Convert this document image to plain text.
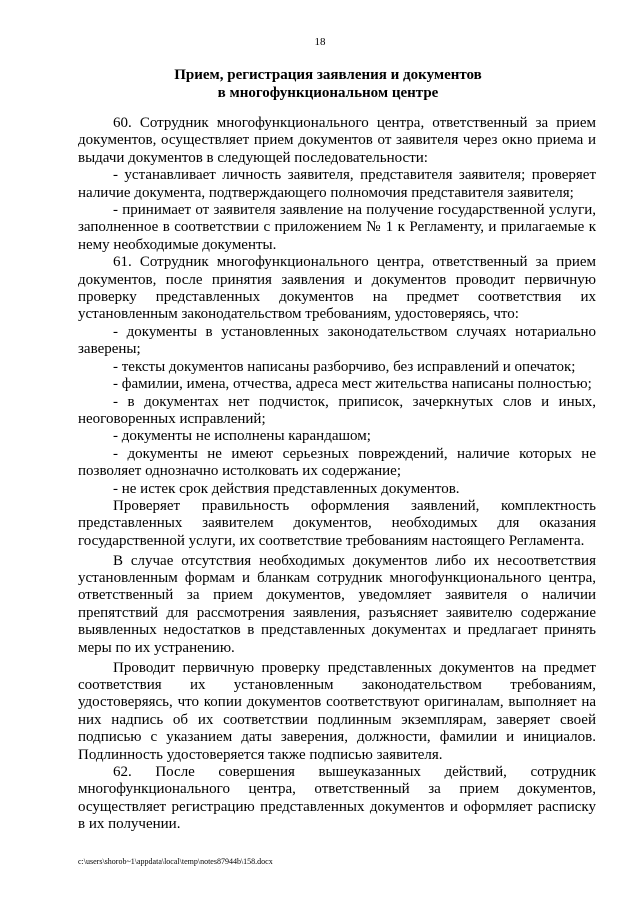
18
Прием, регистрация заявления и документов
в многофункциональном центре

60. Сотрудник многофункционального центра, ответственный за прием документов, осуществляет прием документов от заявителя через окно приема и выдачи документов в следующей последовательности:

- устанавливает личность заявителя, представителя заявителя; проверяет наличие документа, подтверждающего полномочия представителя заявителя;

- принимает от заявителя заявление на получение государственной услуги, заполненное в соответствии с приложением № 1 к Регламенту, и прилагаемые к нему необходимые документы.

61. Сотрудник многофункционального центра, ответственный за прием документов, после принятия заявления и документов проводит первичную проверку представленных документов на предмет соответствия их установленным законодательством требованиям, удостоверяясь, что:

- документы в установленных законодательством случаях нотариально заверены;

- тексты документов написаны разборчиво, без исправлений и опечаток;

- фамилии, имена, отчества, адреса мест жительства написаны полностью;

- в документах нет подчисток, приписок, зачеркнутых слов и иных, неоговоренных исправлений;

- документы не исполнены карандашом;

- документы не имеют серьезных повреждений, наличие которых не позволяет однозначно истолковать их содержание;

- не истек срок действия представленных документов.

Проверяет правильность оформления заявлений, комплектность представленных заявителем документов, необходимых для оказания государственной услуги, их соответствие требованиям настоящего Регламента.

В случае отсутствия необходимых документов либо их несоответствия установленным формам и бланкам сотрудник многофункционального центра, ответственный за прием документов, уведомляет заявителя о наличии препятствий для рассмотрения заявления, разъясняет заявителю содержание выявленных недостатков в представленных документах и предлагает принять меры по их устранению.

Проводит первичную проверку представленных документов на предмет соответствия их установленным законодательством требованиям, удостоверяясь, что копии документов соответствуют оригиналам, выполняет на них надпись об их соответствии подлинным экземплярам, заверяет своей подписью с указанием даты заверения, должности, фамилии и инициалов. Подлинность удостоверяется также подписью заявителя.

62. После совершения вышеуказанных действий, сотрудник многофункционального центра, ответственный за прием документов, осуществляет регистрацию представленных документов и оформляет расписку в их получении.

c:\users\shorob~1\appdata\local\temp\notes87944b\158.docx
